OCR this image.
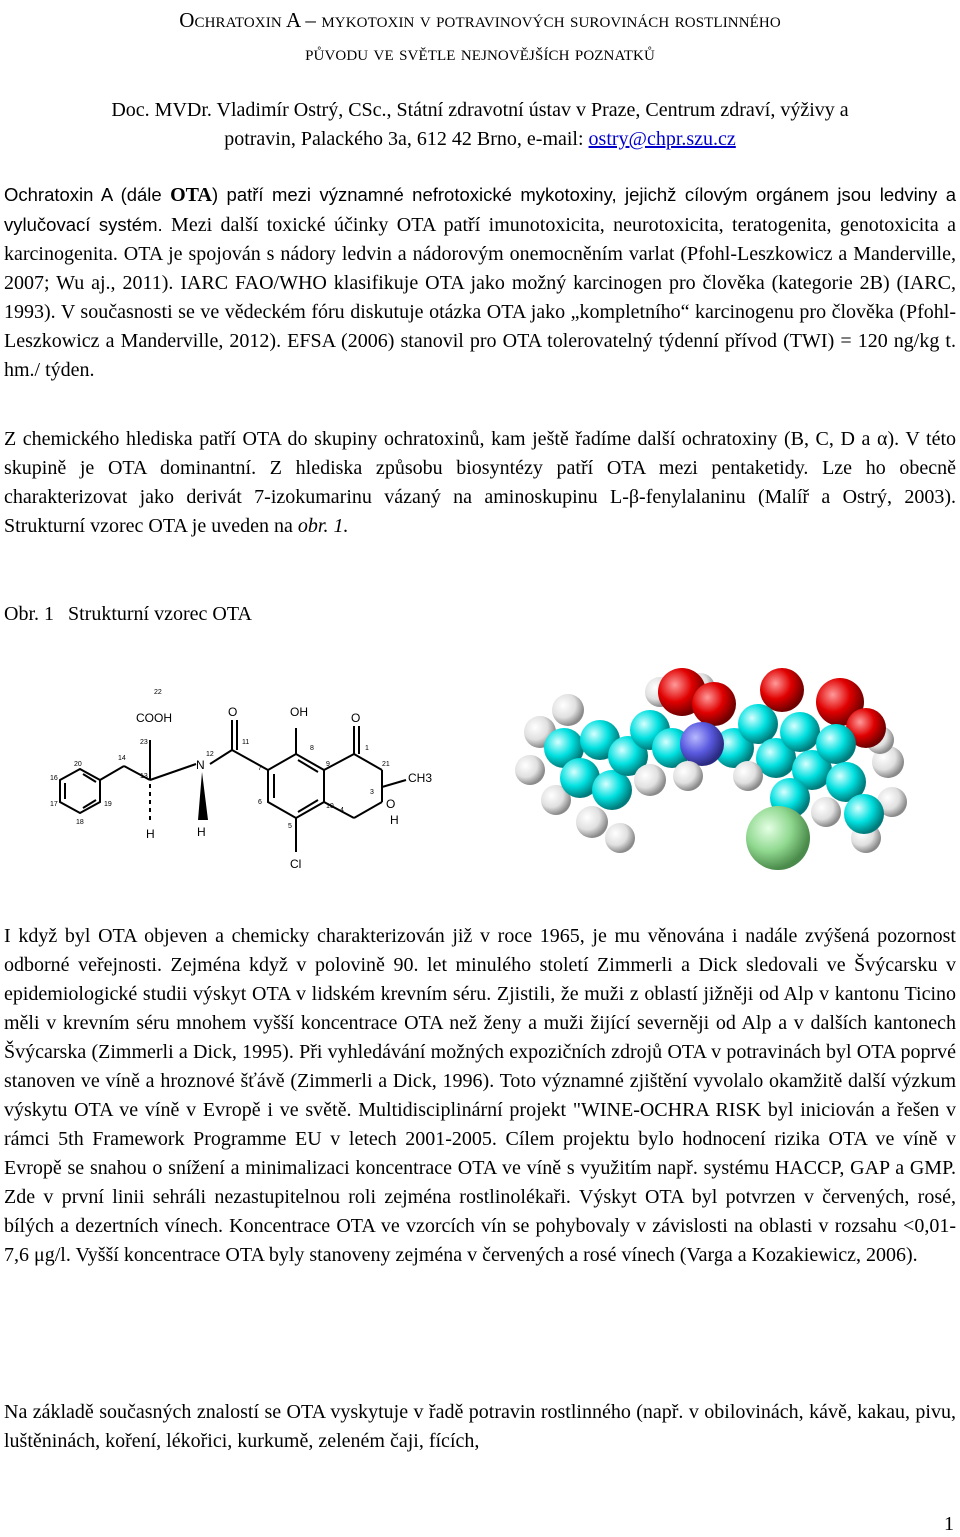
Ochratoxin A – mykotoxin v potravinových surovinách rostlinného
původu ve světle nejnovějších poznatků
Doc. MVDr. Vladimír Ostrý, CSc., Státní zdravotní ústav v Praze, Centrum zdraví, výživy a
potravin, Palackého 3a, 612 42 Brno, e-mail: ostry@chpr.szu.cz

Ochratoxin A (dále OTA) patří mezi významné nefrotoxické mykotoxiny, jejichž cílovým orgánem jsou ledviny a vylučovací systém. Mezi další toxické účinky OTA patří imunotoxicita, neurotoxicita, teratogenita, genotoxicita a karcinogenita. OTA je spojován s nádory ledvin a nádorovým onemocněním varlat (Pfohl-Leszkowicz a Manderville, 2007; Wu aj., 2011). IARC FAO/WHO klasifikuje OTA jako možný karcinogen pro člověka (kategorie 2B) (IARC, 1993). V současnosti se ve vědeckém fóru diskutuje otázka OTA jako „kompletního“ karcinogenu pro člověka (Pfohl-Leszkowicz a Manderville, 2012). EFSA (2006) stanovil pro OTA tolerovatelný týdenní přívod (TWI) = 120 ng/kg t. hm./ týden.

Z chemického hlediska patří OTA do skupiny ochratoxinů, kam ještě řadíme další ochratoxiny (B, C, D a α). V této skupině je OTA dominantní. Z hlediska způsobu biosyntézy patří OTA mezi pentaketidy. Lze ho obecně charakterizovat jako derivát 7-izokumarinu vázaný na aminoskupinu L-β-fenylalaninu (Malíř a Ostrý, 2003). Strukturní vzorec OTA je uveden na obr. 1.

Obr. 1 Strukturní vzorec OTA
COOH	OH
N
H
H
CH3
H
Cl
O	O
O
22
13
21
8	1
3
4
5
6
7
9
10
11
12
14
16
17
18
19
20
23

I když byl OTA objeven a chemicky charakterizován již v roce 1965, je mu věnována i nadále zvýšená pozornost odborné veřejnosti. Zejména když v polovině 90. let minulého století Zimmerli a Dick sledovali ve Švýcarsku v epidemiologické studii výskyt OTA v lidském krevním séru. Zjistili, že muži z oblastí jižněji od Alp v kantonu Ticino měli v krevním séru mnohem vyšší koncentrace OTA než ženy a muži žijící severněji od Alp a v dalších kantonech Švýcarska (Zimmerli a Dick, 1995). Při vyhledávání možných expozičních zdrojů OTA v potravinách byl OTA poprvé stanoven ve víně a hroznové šťávě (Zimmerli a Dick, 1996). Toto významné zjištění vyvolalo okamžitě další výzkum výskytu OTA ve víně v Evropě i ve světě. Multidisciplinární projekt "WINE-OCHRA RISK byl iniciován a řešen v rámci 5th Framework Programme EU v letech 2001-2005. Cílem projektu bylo hodnocení rizika OTA ve víně v Evropě se snahou o snížení a minimalizaci koncentrace OTA ve víně s využitím např. systému HACCP, GAP a GMP. Zde v první linii sehráli nezastupitelnou roli zejména rostlinolékaři. Výskyt OTA byl potvrzen v červených, rosé, bílých a dezertních vínech. Koncentrace OTA ve vzorcích vín se pohybovaly v závislosti na oblasti v rozsahu <0,01-7,6 μg/l. Vyšší koncentrace OTA byly stanoveny zejména v červených a rosé vínech (Varga a Kozakiewicz, 2006).

Na základě současných znalostí se OTA vyskytuje v řadě potravin rostlinného (např. v obilovinách, kávě, kakau, pivu, luštěninách, koření, lékořici, kurkumě, zeleném čaji, fících,

1
